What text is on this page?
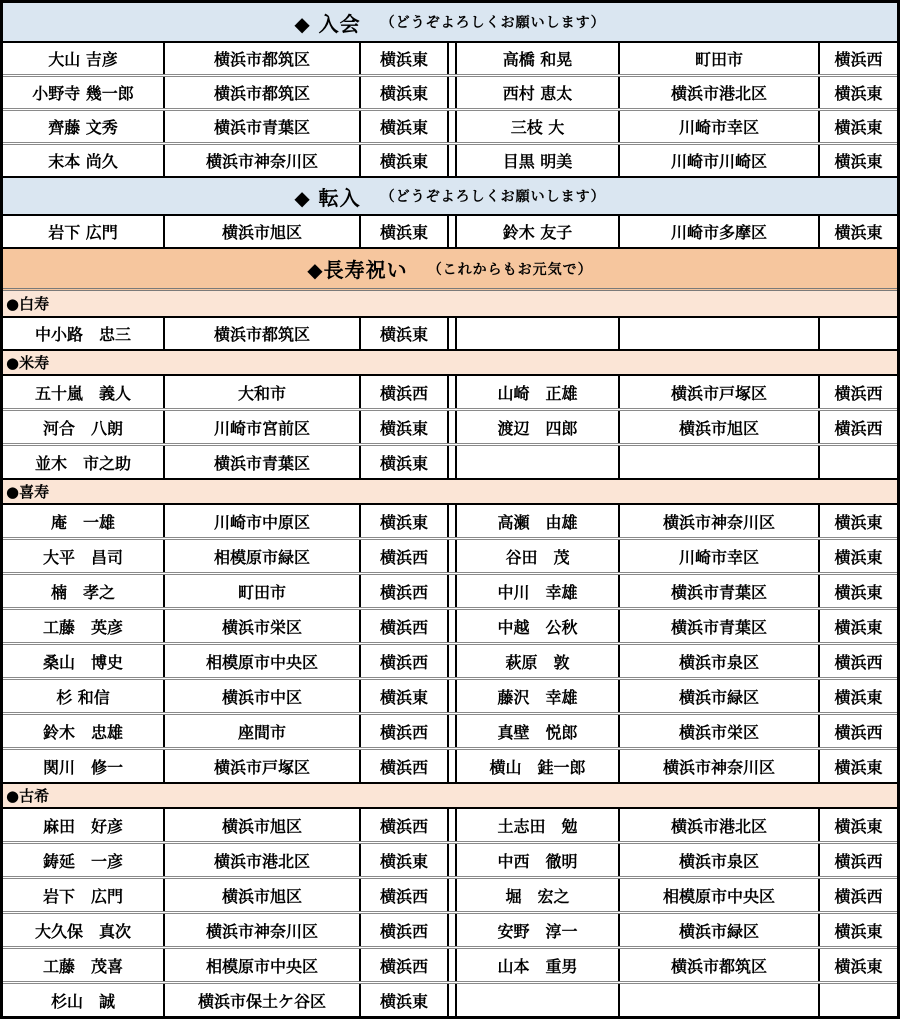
◆ 入会 （どうぞよろしくお願いします）
大山 吉彦	横浜市都筑区	横浜東	高橋 和晃	町田市	横浜西
小野寺 幾一郎	横浜市都筑区	横浜東	西村 恵太	横浜市港北区	横浜東
齊藤 文秀	横浜市青葉区	横浜東	三枝 大	川崎市幸区	横浜東
末本 尚久	横浜市神奈川区	横浜東	目黒 明美	川崎市川崎区	横浜東
◆ 転入 （どうぞよろしくお願いします）
岩下 広門	横浜市旭区	横浜東	鈴木 友子	川崎市多摩区	横浜東
◆長寿祝い （これからもお元気で）
●白寿
中小路　忠三	横浜市都筑区	横浜東
●米寿
五十嵐　義人	大和市	横浜西	山崎　正雄	横浜市戸塚区	横浜西
河合　八朗	川崎市宮前区	横浜東	渡辺　四郎	横浜市旭区	横浜西
並木　市之助	横浜市青葉区	横浜東
●喜寿
庵　一雄	川崎市中原区	横浜東	高瀬　由雄	横浜市神奈川区	横浜東
大平　昌司	相模原市緑区	横浜西	谷田　茂	川崎市幸区	横浜東
楠　孝之	町田市	横浜西	中川　幸雄	横浜市青葉区	横浜東
工藤　英彦	横浜市栄区	横浜西	中越　公秋	横浜市青葉区	横浜東
桑山　博史	相模原市中央区	横浜西	萩原　敦	横浜市泉区	横浜西
杉 和信	横浜市中区	横浜東	藤沢　幸雄	横浜市緑区	横浜東
鈴木　忠雄	座間市	横浜西	真壁　悦郎	横浜市栄区	横浜西
関川　修一	横浜市戸塚区	横浜西	横山　銈一郎	横浜市神奈川区	横浜東
●古希
麻田　好彦	横浜市旭区	横浜西	土志田　勉	横浜市港北区	横浜東
鋳延　一彦	横浜市港北区	横浜東	中西　徹明	横浜市泉区	横浜西
岩下　広門	横浜市旭区	横浜西	堀　宏之	相模原市中央区	横浜西
大久保　真次	横浜市神奈川区	横浜西	安野　淳一	横浜市緑区	横浜東
工藤　茂喜	相模原市中央区	横浜西	山本　重男	横浜市都筑区	横浜東
杉山　誠	横浜市保土ケ谷区	横浜東
